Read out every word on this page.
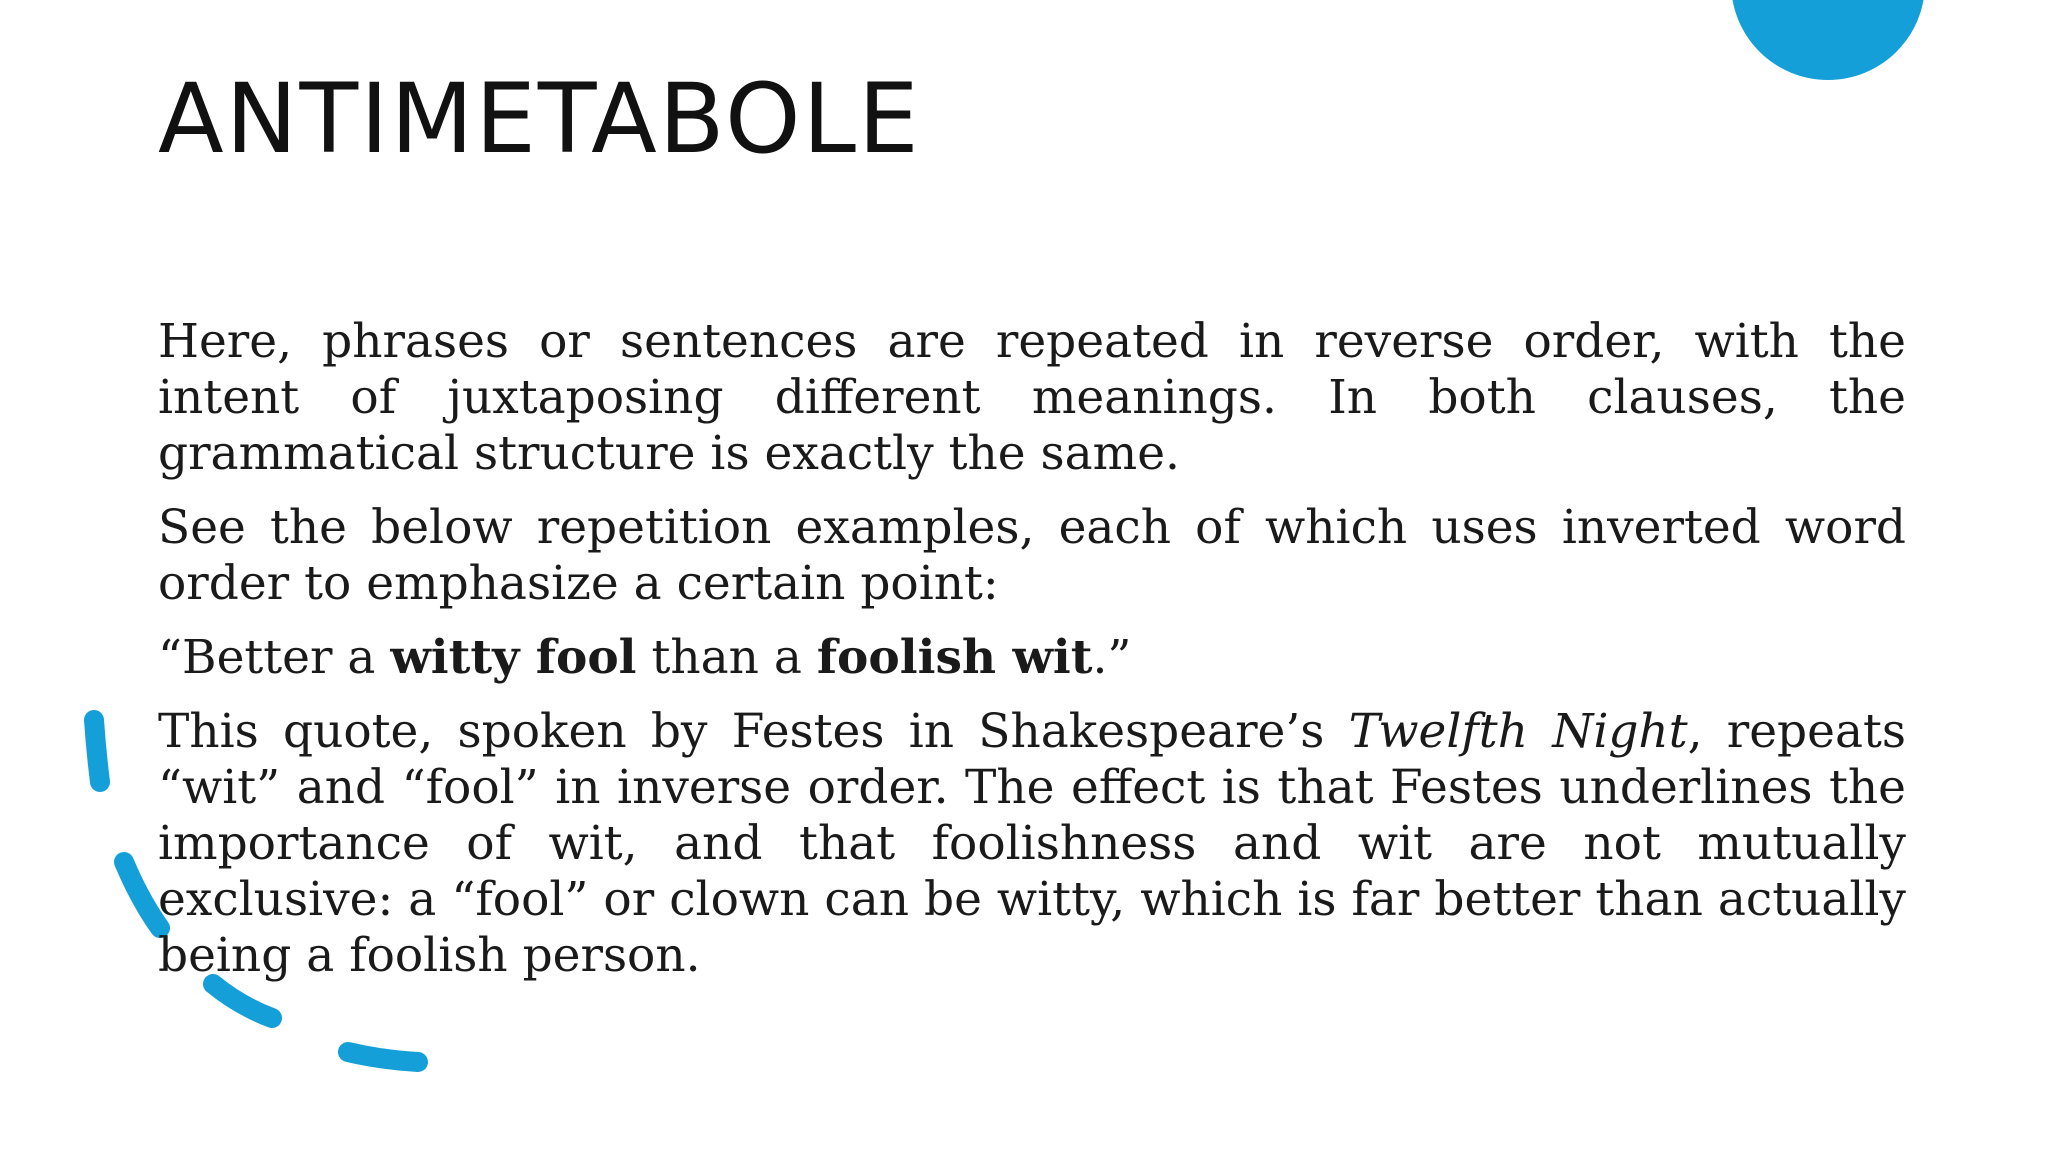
ANTIMETABOLE

Here, phrases or sentences are repeated in reverse order, with the intent of juxtaposing different meanings. In both clauses, the grammatical structure is exactly the same.

See the below repetition examples, each of which uses inverted word order to emphasize a certain point:

“Better a witty fool than a foolish wit.”

This quote, spoken by Festes in Shakespeare’s Twelfth Night, repeats “wit” and “fool” in inverse order. The effect is that Festes underlines the importance of wit, and that foolishness and wit are not mutually exclusive: a “fool” or clown can be witty, which is far better than actually being a foolish person.
